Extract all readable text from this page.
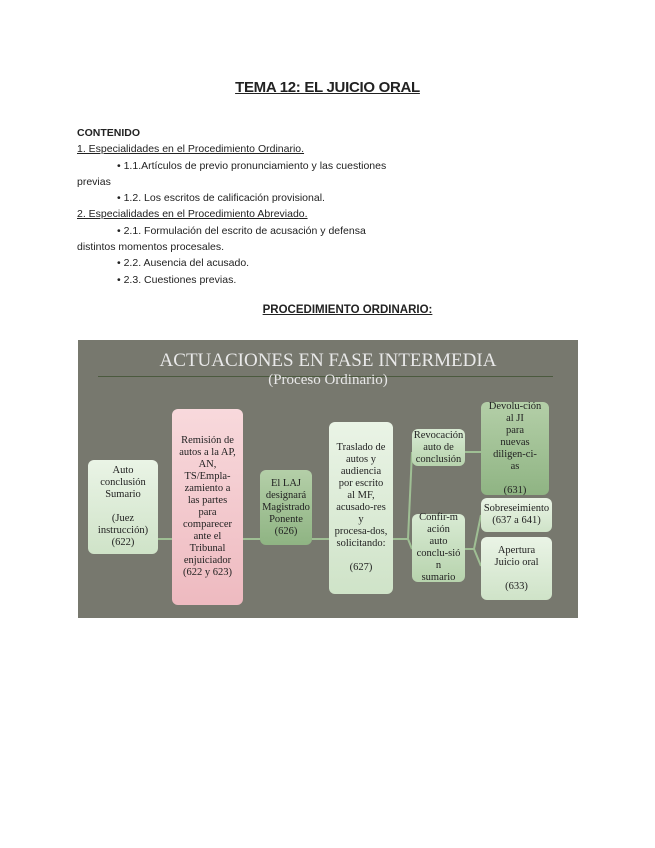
TEMA 12: EL JUICIO ORAL
CONTENIDO
1. Especialidades en el Procedimiento Ordinario.
• 1.1.Artículos de previo pronunciamiento y las cuestiones
previas
• 1.2. Los escritos de calificación provisional.
2. Especialidades en el Procedimiento Abreviado.
• 2.1. Formulación del escrito de acusación y defensa
distintos momentos procesales.
• 2.2. Ausencia del acusado.
• 2.3. Cuestiones previas.
PROCEDIMIENTO ORDINARIO:
ACTUACIONES EN FASE INTERMEDIA
(Proceso Ordinario)
Auto
conclusión
Sumario

(Juez
instrucción)
(622)
Remisión de
autos a la AP,
AN,
TS/Empla-
zamiento a
las partes
para
comparecer
ante el
Tribunal
enjuiciador
(622 y 623)
El LAJ
designará
Magistrado
Ponente
(626)
Traslado de
autos y
audiencia
por escrito
al MF,
acusado-res
y
procesa-dos,
solicitando:

(627)
Revocación
auto de
conclusión
Devolu-ción
al JI
para
nuevas
diligen-ci-
as

(631)
Confir-m
ación
auto
conclu-sió
n
sumario
Sobreseimiento
(637 a 641)
Apertura
Juicio oral

(633)
